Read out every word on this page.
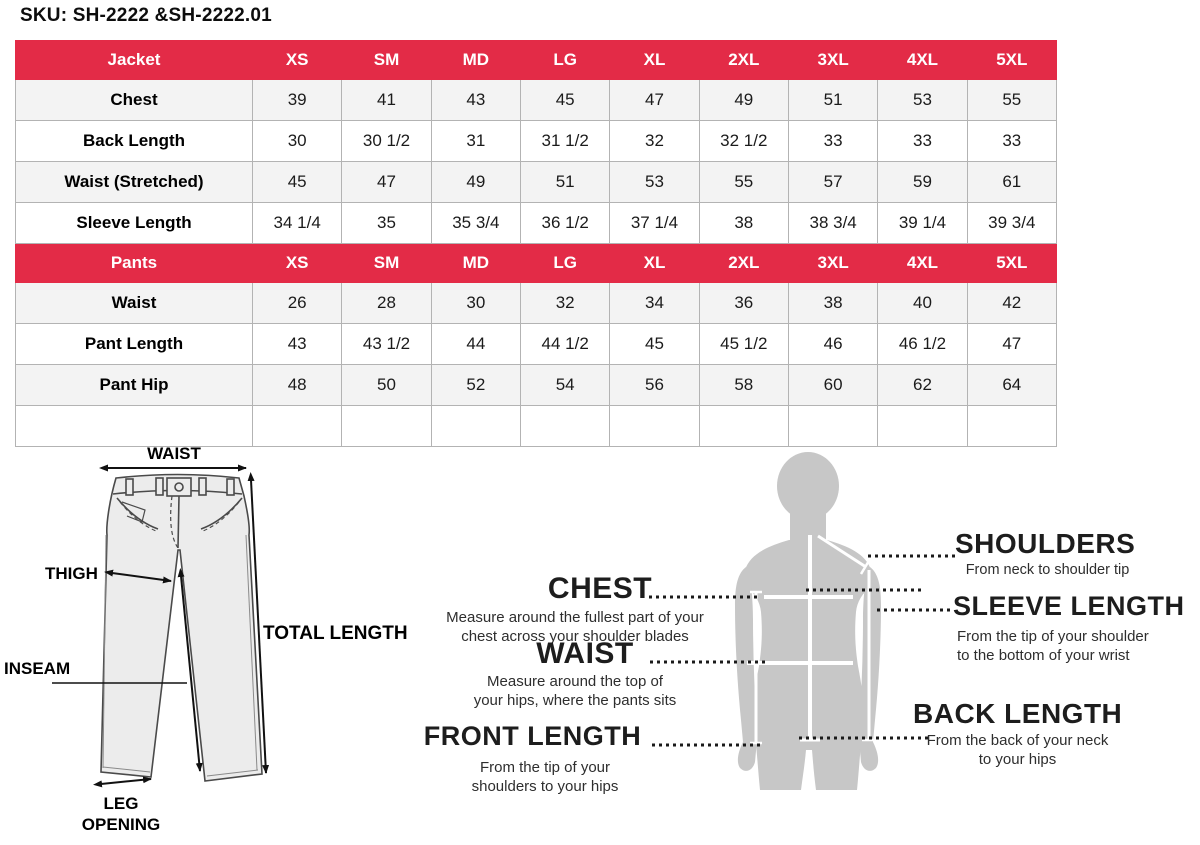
SKU: SH-2222 &SH-2222.01
Jacket	XS	SM	MD	LG	XL	2XL	3XL	4XL	5XL
Chest	39	41	43	45	47	49	51	53	55
Back Length	30	30 1/2	31	31 1/2	32	32 1/2	33	33	33
Waist (Stretched)	45	47	49	51	53	55	57	59	61
Sleeve Length	34 1/4	35	35 3/4	36 1/2	37 1/4	38	38 3/4	39 1/4	39 3/4
Pants	XS	SM	MD	LG	XL	2XL	3XL	4XL	5XL
Waist	26	28	30	32	34	36	38	40	42
Pant Length	43	43 1/2	44	44 1/2	45	45 1/2	46	46 1/2	47
Pant Hip	48	50	52	54	56	58	60	62	64

WAIST
THIGH
TOTAL LENGTH
INSEAM
LEG
OPENING
CHEST
Measure around the fullest part of your
chest across your shoulder blades
WAIST
Measure around the top of
your hips, where the pants sits
FRONT LENGTH
From the tip of your
shoulders to your hips
SHOULDERS
From neck to shoulder tip
SLEEVE LENGTH
From the tip of your shoulder
to the bottom of your wrist
BACK LENGTH
From the back of your neck
to your hips
